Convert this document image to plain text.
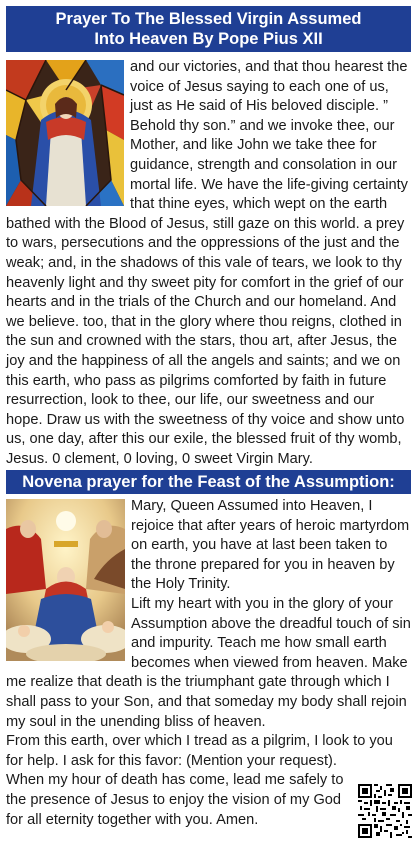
Prayer To The Blessed Virgin Assumed
Into Heaven By Pope Pius XII

and our victories, and that thou hearest the voice of Jesus saying to each one of us, just as He said of His beloved disciple. ” Behold thy son.” and we invoke thee, our Mother, and like John we take thee for guidance, strength and consolation in our mortal life. We have the life-giving certainty that thine eyes, which wept on the earth bathed with the Blood of Jesus, still gaze on this world. a prey to wars, persecutions and the oppressions of the just and the weak; and, in the shadows of this vale of tears, we look to thy heavenly light and thy sweet pity for comfort in the grief of our hearts and in the trials of the Church and our homeland. And we believe. too, that in the glory where thou reigns, clothed in the sun and crowned with the stars, thou art, after Jesus, the joy and the happiness of all the angels and saints; and we on this earth, who pass as pilgrims comforted by faith in future resurrection, look to thee, our life, our sweetness and our hope. Draw us with the sweetness of thy voice and show unto us, one day, after this our exile, the blessed fruit of thy womb, Jesus. 0 clement, 0 loving, 0 sweet Virgin Mary.

Novena prayer for the Feast of the Assumption:

Mary, Queen Assumed into Heaven, I rejoice that after years of heroic martyrdom on earth, you have at last been taken to the throne prepared for you in heaven by the Holy Trinity.

Lift my heart with you in the glory of your Assumption above the dreadful touch of sin and impurity. Teach me how small earth becomes when viewed from heaven. Make me realize that death is the triumphant gate through which I shall pass to your Son, and that someday my body shall rejoin my soul in the unending bliss of heaven.

From this earth, over which I tread as a pilgrim, I look to you for help. I ask for this favor: (Mention your request).

When my hour of death has come, lead me safely to the presence of Jesus to enjoy the vision of my God for all eternity together with you. Amen.
